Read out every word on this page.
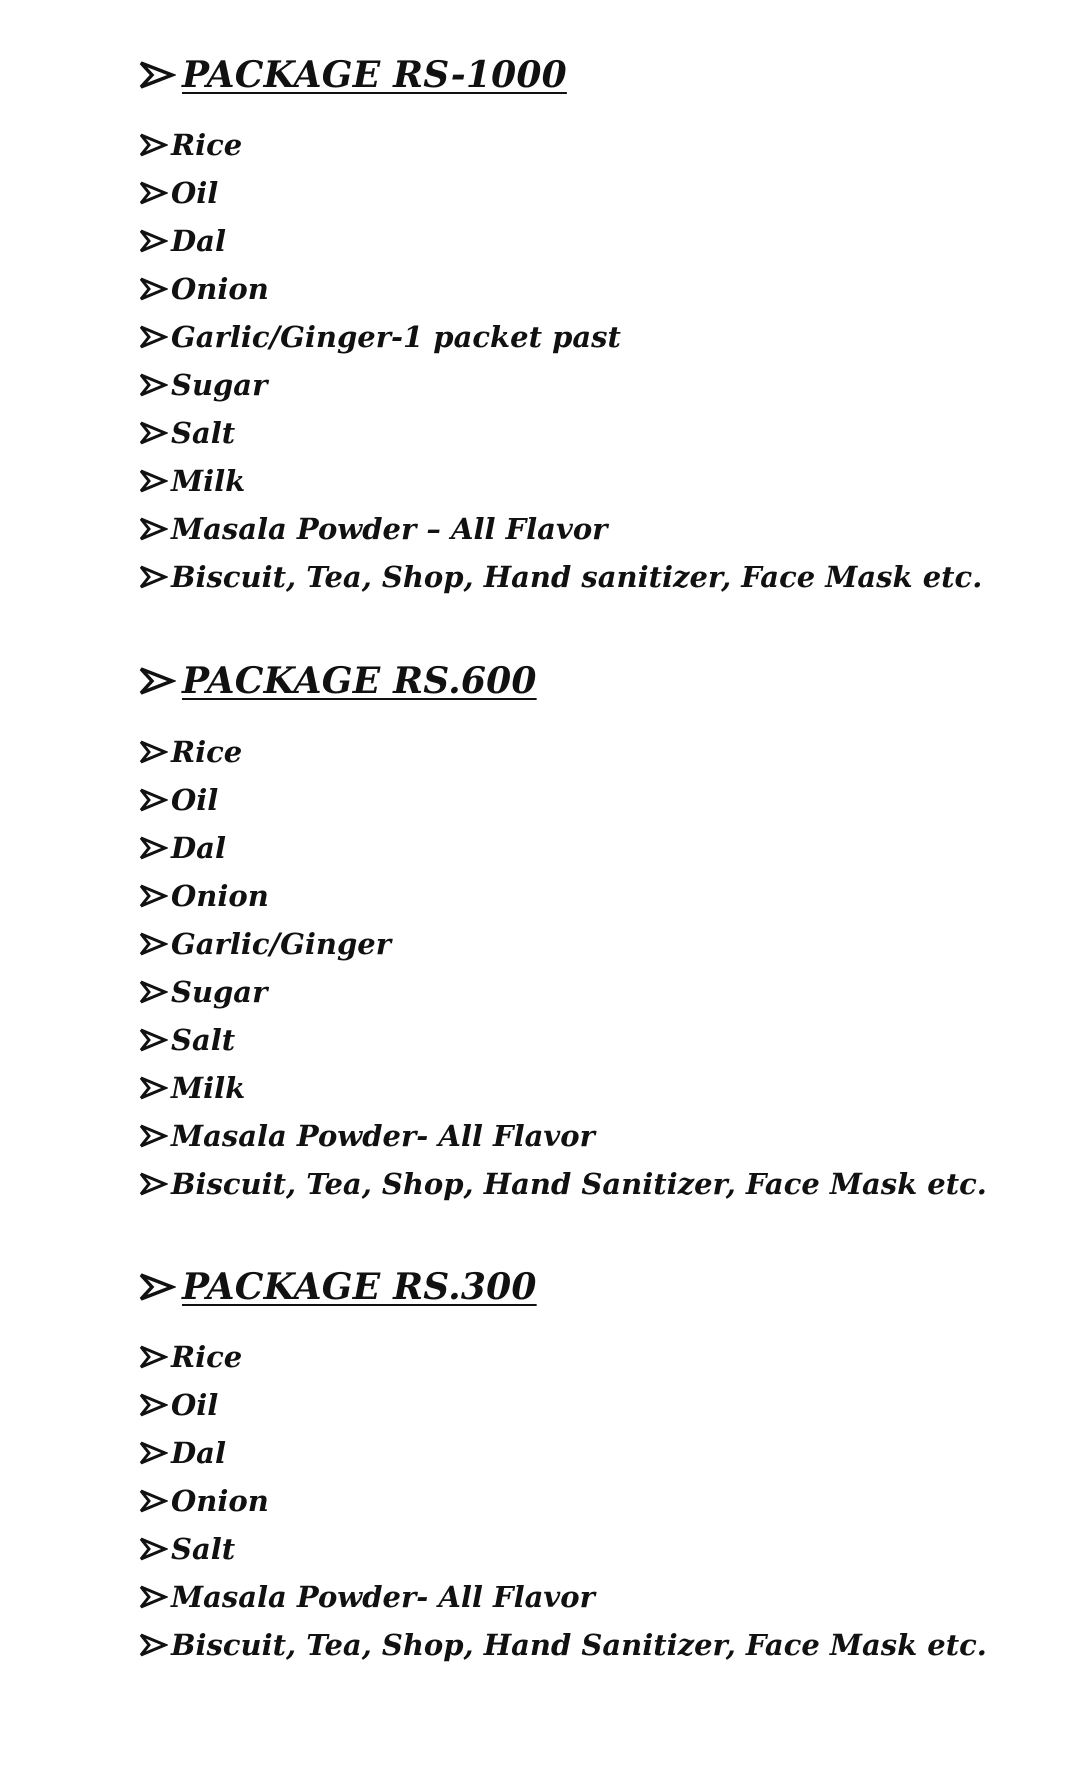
PACKAGE RS-1000
Rice
Oil
Dal
Onion
Garlic/Ginger-1 packet past
Sugar
Salt
Milk
Masala Powder – All Flavor
Biscuit, Tea, Shop, Hand sanitizer, Face Mask etc.
PACKAGE RS.600
Rice
Oil
Dal
Onion
Garlic/Ginger
Sugar
Salt
Milk
Masala Powder- All Flavor
Biscuit, Tea, Shop, Hand Sanitizer, Face Mask etc.
PACKAGE RS.300
Rice
Oil
Dal
Onion
Salt
Masala Powder- All Flavor
Biscuit, Tea, Shop, Hand Sanitizer, Face Mask etc.
